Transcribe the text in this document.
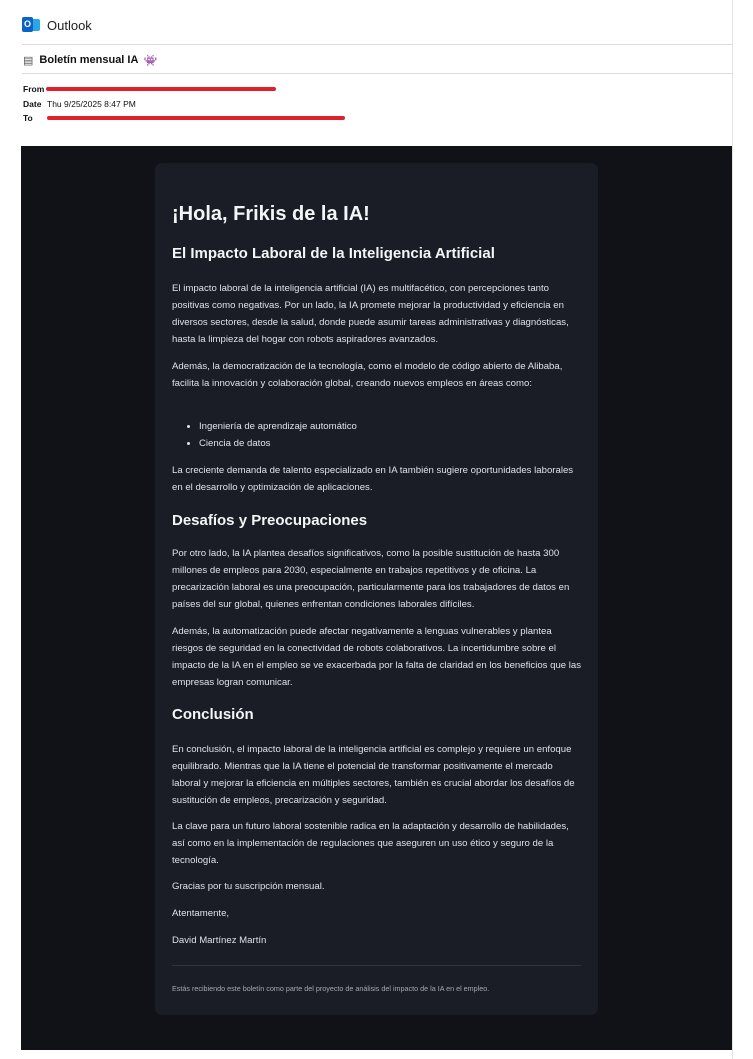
O Outlook
▤ Boletín mensual IA 👾
From
Date Thu 9/25/2025 8:47 PM
To
¡Hola, Frikis de la IA!
El Impacto Laboral de la Inteligencia Artificial
El impacto laboral de la inteligencia artificial (IA) es multifacético, con percepciones tanto positivas como negativas. Por un lado, la IA promete mejorar la productividad y eficiencia en diversos sectores, desde la salud, donde puede asumir tareas administrativas y diagnósticas, hasta la limpieza del hogar con robots aspiradores avanzados.
Además, la democratización de la tecnología, como el modelo de código abierto de Alibaba, facilita la innovación y colaboración global, creando nuevos empleos en áreas como:
• Ingeniería de aprendizaje automático
• Ciencia de datos
La creciente demanda de talento especializado en IA también sugiere oportunidades laborales en el desarrollo y optimización de aplicaciones.
Desafíos y Preocupaciones
Por otro lado, la IA plantea desafíos significativos, como la posible sustitución de hasta 300 millones de empleos para 2030, especialmente en trabajos repetitivos y de oficina. La precarización laboral es una preocupación, particularmente para los trabajadores de datos en países del sur global, quienes enfrentan condiciones laborales difíciles.
Además, la automatización puede afectar negativamente a lenguas vulnerables y plantea riesgos de seguridad en la conectividad de robots colaborativos. La incertidumbre sobre el impacto de la IA en el empleo se ve exacerbada por la falta de claridad en los beneficios que las empresas logran comunicar.
Conclusión
En conclusión, el impacto laboral de la inteligencia artificial es complejo y requiere un enfoque equilibrado. Mientras que la IA tiene el potencial de transformar positivamente el mercado laboral y mejorar la eficiencia en múltiples sectores, también es crucial abordar los desafíos de sustitución de empleos, precarización y seguridad.
La clave para un futuro laboral sostenible radica en la adaptación y desarrollo de habilidades, así como en la implementación de regulaciones que aseguren un uso ético y seguro de la tecnología.
Gracias por tu suscripción mensual.
Atentamente,
David Martínez Martín
Estás recibiendo este boletín como parte del proyecto de análisis del impacto de la IA en el empleo.
